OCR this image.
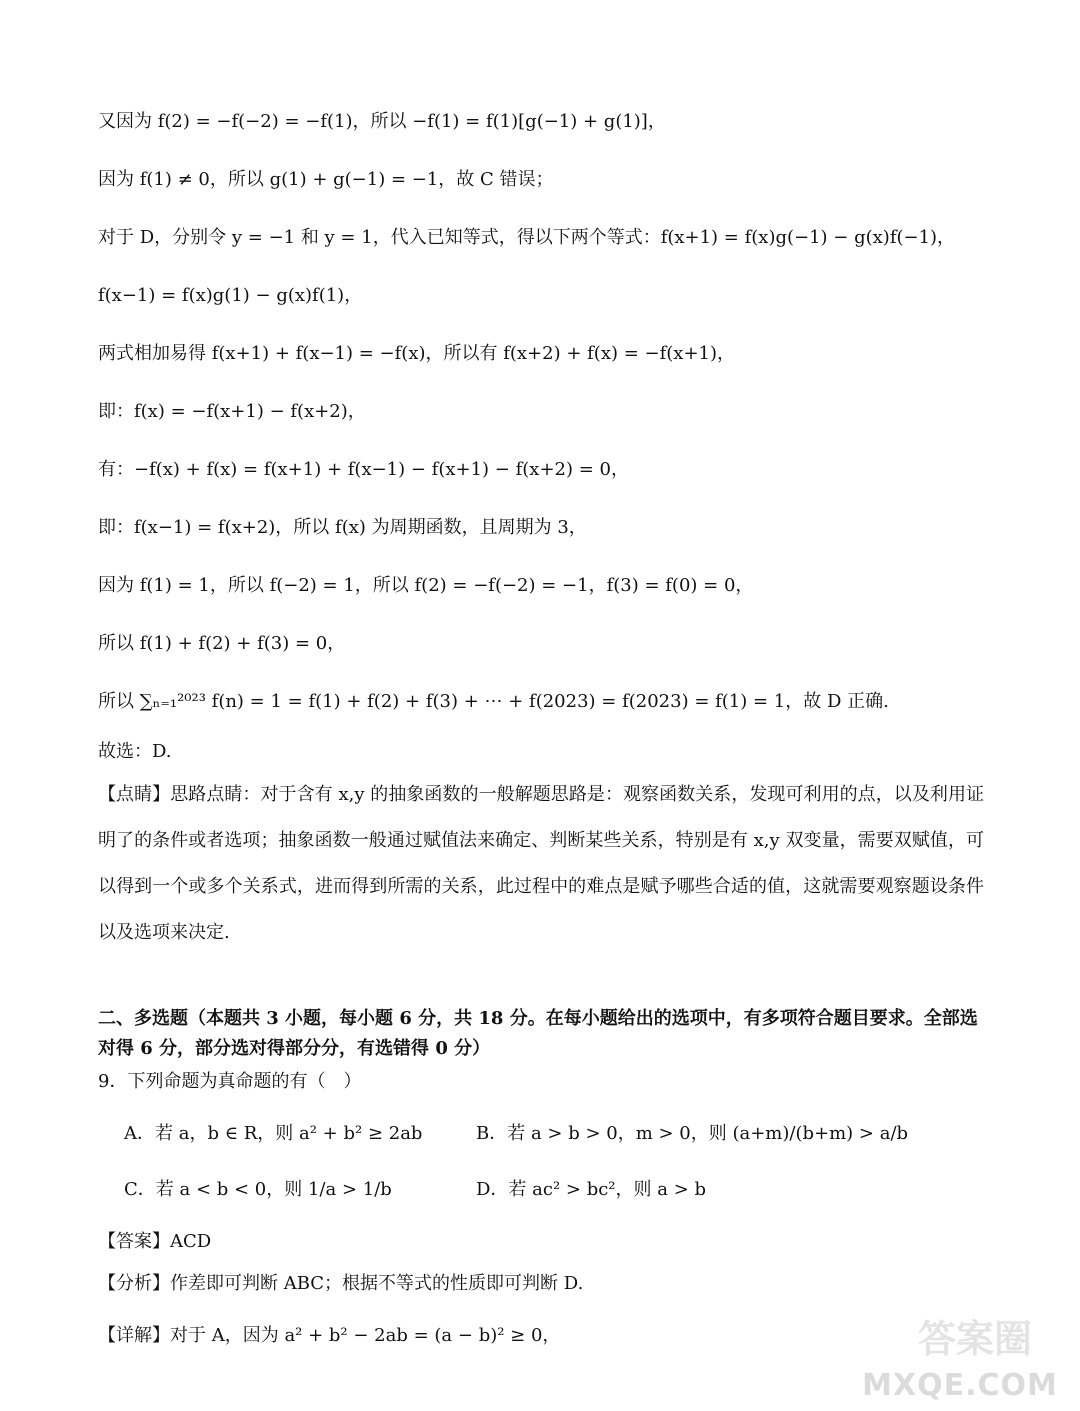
又因为 f(2) = −f(−2) = −f(1)，所以 −f(1) = f(1)[g(−1) + g(1)]，
因为 f(1) ≠ 0，所以 g(1) + g(−1) = −1，故 C 错误；
对于 D，分别令 y = −1 和 y = 1，代入已知等式，得以下两个等式：f(x+1) = f(x)g(−1) − g(x)f(−1)，
f(x−1) = f(x)g(1) − g(x)f(1)，
两式相加易得 f(x+1) + f(x−1) = −f(x)，所以有 f(x+2) + f(x) = −f(x+1)，
即：f(x) = −f(x+1) − f(x+2)，
有：−f(x) + f(x) = f(x+1) + f(x−1) − f(x+1) − f(x+2) = 0，
即：f(x−1) = f(x+2)，所以 f(x) 为周期函数，且周期为 3，
因为 f(1) = 1，所以 f(−2) = 1，所以 f(2) = −f(−2) = −1，f(3) = f(0) = 0，
所以 f(1) + f(2) + f(3) = 0，
所以 ∑ₙ₌₁²⁰²³ f(n) = 1 = f(1) + f(2) + f(3) + ⋯ + f(2023) = f(2023) = f(1) = 1，故 D 正确.
故选：D.
【点睛】思路点睛：对于含有 x,y 的抽象函数的一般解题思路是：观察函数关系，发现可利用的点，以及利用证明了的条件或者选项；抽象函数一般通过赋值法来确定、判断某些关系，特别是有 x,y 双变量，需要双赋值，可以得到一个或多个关系式，进而得到所需的关系，此过程中的难点是赋予哪些合适的值，这就需要观察题设条件以及选项来决定.
二、多选题（本题共 3 小题，每小题 6 分，共 18 分。在每小题给出的选项中，有多项符合题目要求。全部选对得 6 分，部分选对得部分分，有选错得 0 分）
9．下列命题为真命题的有（　）
A．若 a，b ∈ R，则 a² + b² ≥ 2ab	B．若 a > b > 0，m > 0，则 (a+m)/(b+m) > a/b
C．若 a < b < 0，则 1/a > 1/b	D．若 ac² > bc²，则 a > b
【答案】ACD
【分析】作差即可判断 ABC；根据不等式的性质即可判断 D.
【详解】对于 A，因为 a² + b² − 2ab = (a − b)² ≥ 0，	答案圈
MXQE.COM
